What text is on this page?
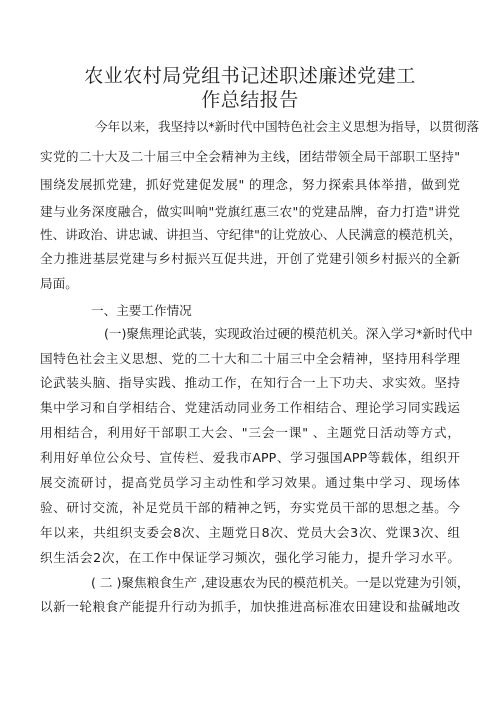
农业农村局党组书记述职述廉述党建工
作总结报告
今年以来，我坚持以*新时代中国特色社会主义思想为指导，以贯彻落
实党的二十大及二十届三中全会精神为主线，团结带领全局干部职工坚持"
围绕发展抓党建，抓好党建促发展" 的理念，努力探索具体举措，做到党
建与业务深度融合，做实叫响"党旗红惠三农"的党建品牌，奋力打造"讲党
性、讲政治、讲忠诚、讲担当、守纪律"的让党放心、人民满意的模范机关，
全力推进基层党建与乡村振兴互促共进，开创了党建引领乡村振兴的全新
局面。
一、主要工作情况
(一)聚焦理论武装，实现政治过硬的模范机关。深入学习*新时代中
国特色社会主义思想、党的二十大和二十届三中全会精神，坚持用科学理
论武装头脑、指导实践、推动工作，在知行合一上下功夫、求实效。坚持
集中学习和自学相结合、党建活动同业务工作相结合、理论学习同实践运
用相结合，利用好干部职工大会、"三会一课" 、主题党日活动等方式，
利用好单位公众号、宣传栏、爱我市APP、学习强国APP等载体，组织开
展交流研讨，提高党员学习主动性和学习效果。通过集中学习、现场体
验、研讨交流，补足党员干部的精神之钙，夯实党员干部的思想之基。今
年以来，共组织支委会8次、主题党日8次、党员大会3次、党课3次、组
织生活会2次，在工作中保证学习频次，强化学习能力，提升学习水平。
( 二 )聚焦粮食生产 ,建设惠农为民的模范机关。一是以党建为引领，
以新一轮粮食产能提升行动为抓手，加快推进高标准农田建设和盐碱地改
